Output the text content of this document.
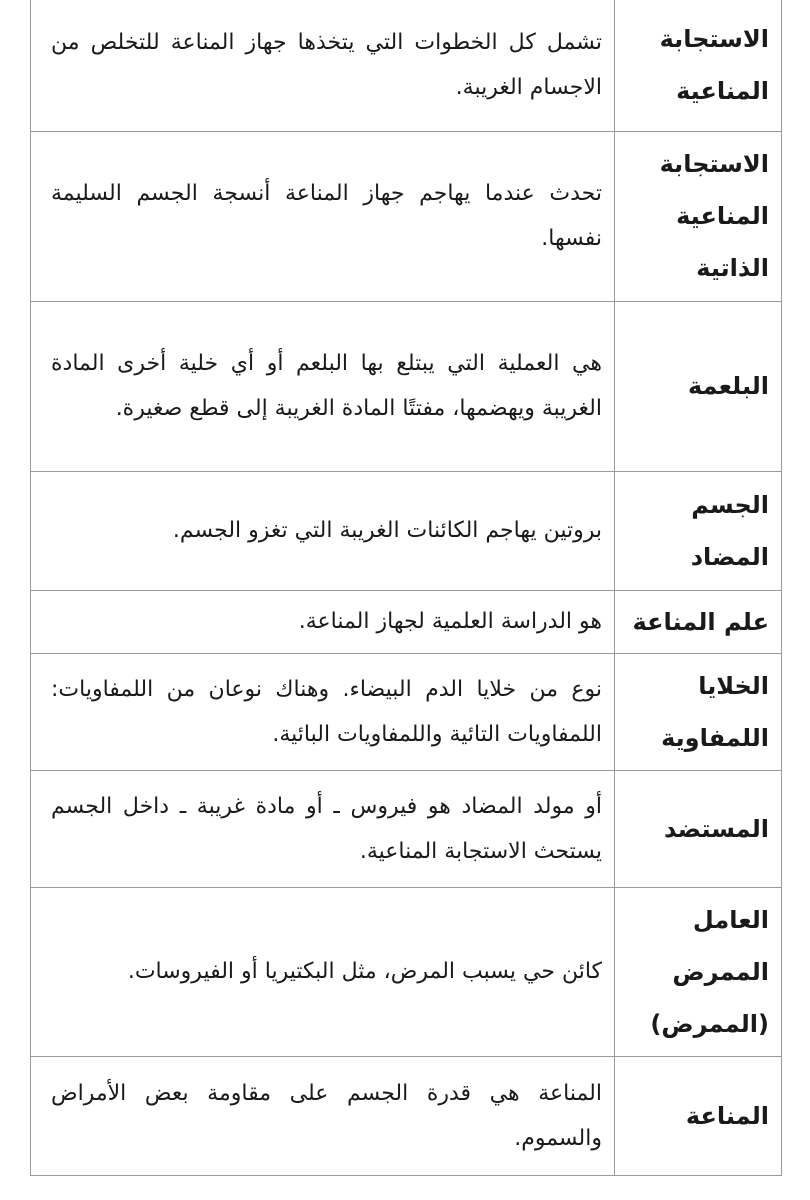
الاستجابة المناعية	تشمل كل الخطوات التي يتخذها جهاز المناعة للتخلص من الاجسام الغريبة.

الاستجابة المناعية الذاتية	تحدث عندما يهاجم جهاز المناعة أنسجة الجسم السليمة نفسها.

البلعمة	هي العملية التي يبتلع بها البلعم أو أي خلية أخرى المادة الغريبة ويهضمها، مفتتًا المادة الغريبة إلى قطع صغيرة.

الجسم المضاد	بروتين يهاجم الكائنات الغريبة التي تغزو الجسم.

علم المناعة	هو الدراسة العلمية لجهاز المناعة.

الخلايا اللمفاوية	نوع من خلايا الدم البيضاء. وهناك نوعان من اللمفاويات: اللمفاويات التائية واللمفاويات البائية.

المستضد	أو مولد المضاد هو فيروس ـ أو مادة غريبة ـ داخل الجسم يستحث الاستجابة المناعية.

العامل الممرض (الممرض)	كائن حي يسبب المرض، مثل البكتيريا أو الفيروسات.

المناعة	المناعة هي قدرة الجسم على مقاومة بعض الأمراض والسموم.
